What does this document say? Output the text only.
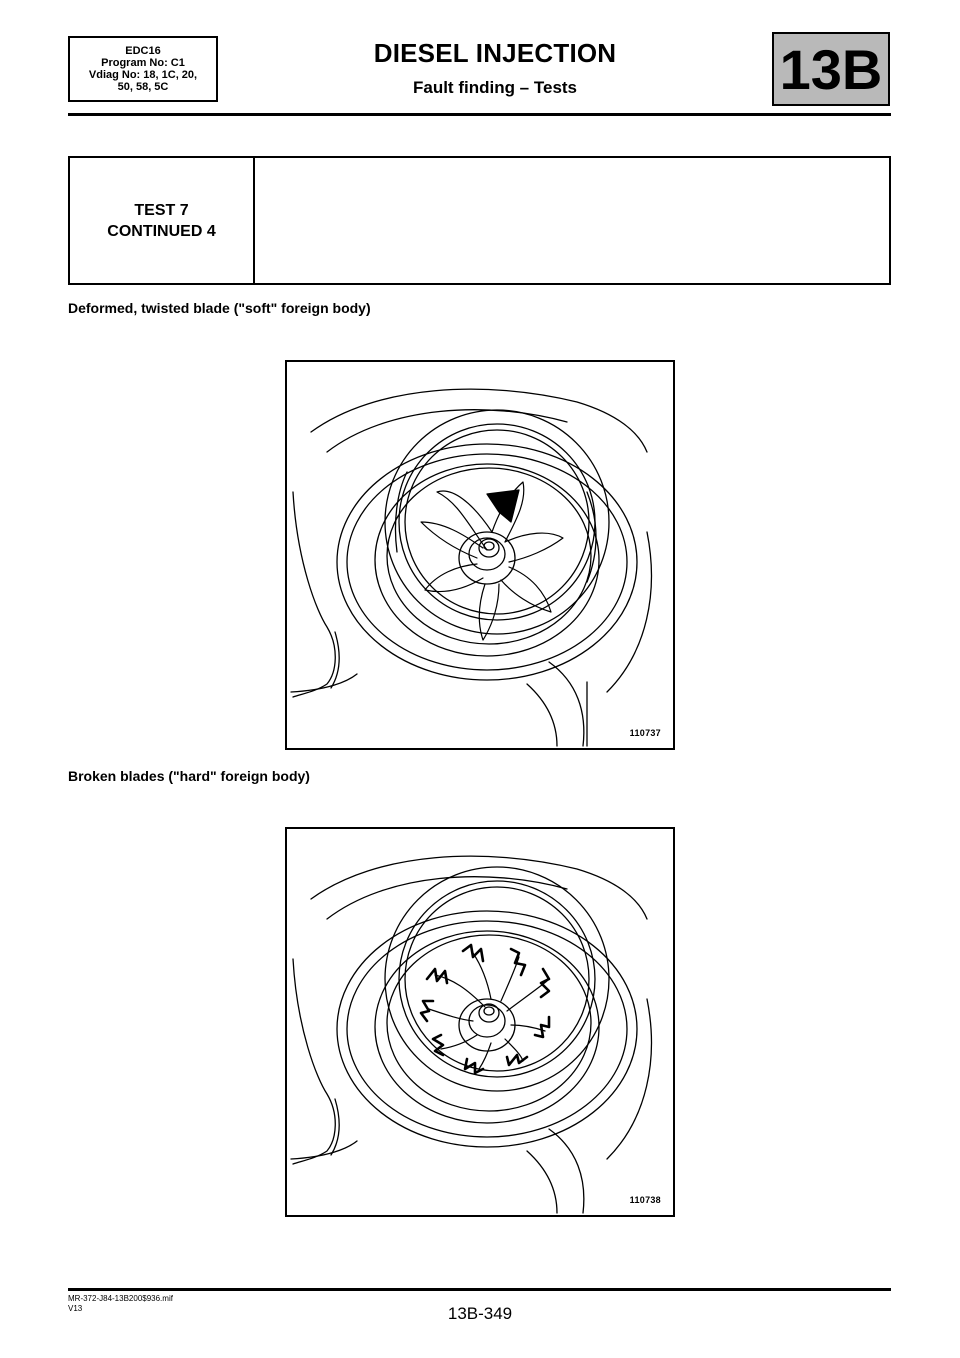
EDC16
Program No: C1
Vdiag No: 18, 1C, 20,
50, 58, 5C
DIESEL INJECTION
Fault finding – Tests	13B
TEST 7
CONTINUED 4
Deformed, twisted blade ("soft" foreign body)
110737
Broken blades ("hard" foreign body)
110738
MR-372-J84-13B200$936.mif
V13	13B-349
